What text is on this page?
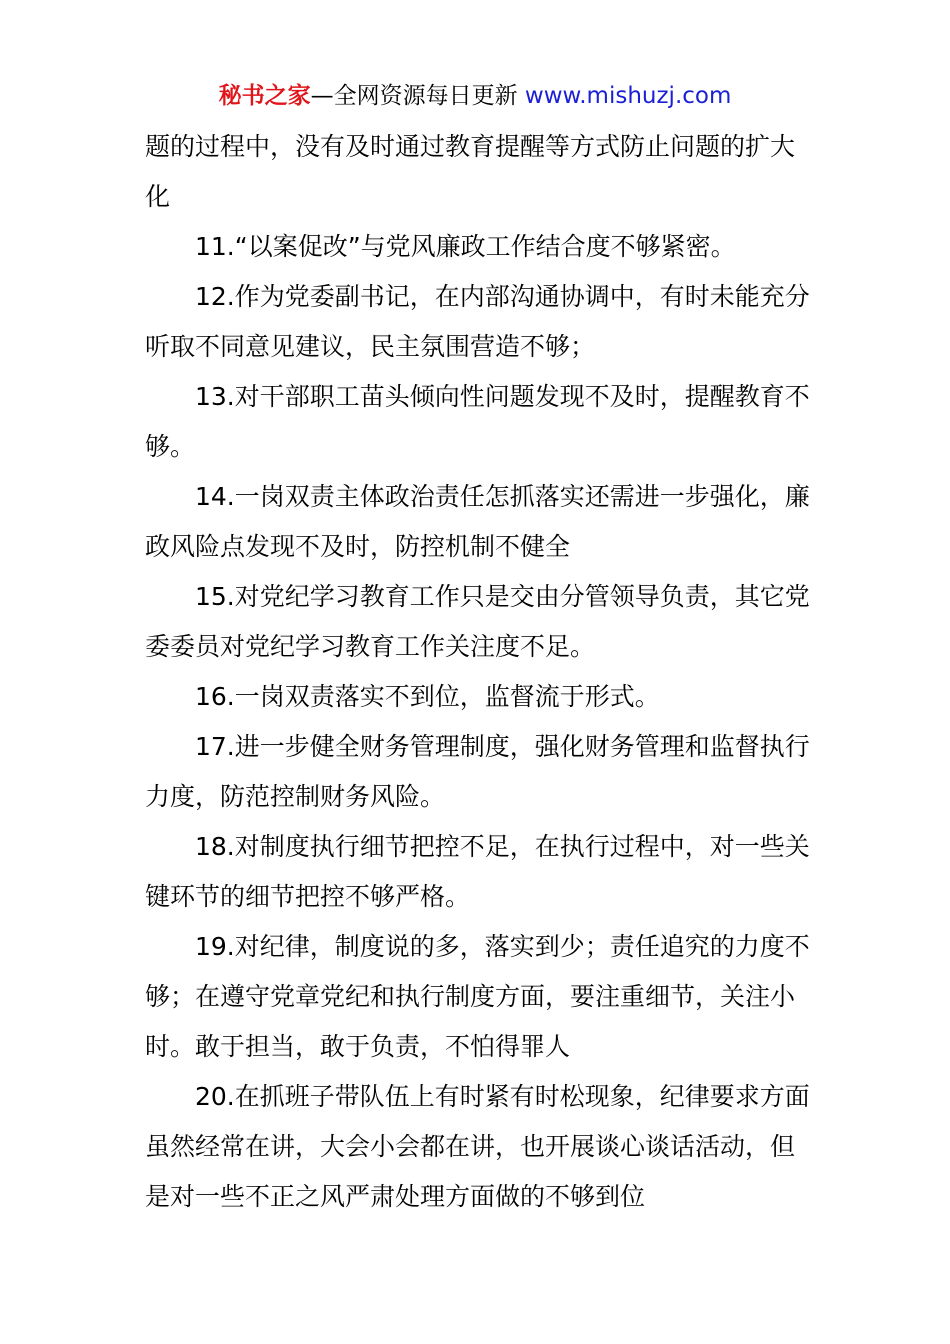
秘书之家—全网资源每日更新 www.mishuzj.com

题的过程中，没有及时通过教育提醒等方式防止问题的扩大化

11.“以案促改”与党风廉政工作结合度不够紧密。

12.作为党委副书记，在内部沟通协调中，有时未能充分听取不同意见建议，民主氛围营造不够；

13.对干部职工苗头倾向性问题发现不及时，提醒教育不够。

14.一岗双责主体政治责任怎抓落实还需进一步强化，廉政风险点发现不及时，防控机制不健全

15.对党纪学习教育工作只是交由分管领导负责，其它党委委员对党纪学习教育工作关注度不足。

16.一岗双责落实不到位，监督流于形式。

17.进一步健全财务管理制度，强化财务管理和监督执行力度，防范控制财务风险。

18.对制度执行细节把控不足，在执行过程中，对一些关键环节的细节把控不够严格。

19.对纪律，制度说的多，落实到少；责任追究的力度不够；在遵守党章党纪和执行制度方面，要注重细节，关注小时。敢于担当，敢于负责，不怕得罪人

20.在抓班子带队伍上有时紧有时松现象，纪律要求方面虽然经常在讲，大会小会都在讲，也开展谈心谈话活动，但是对一些不正之风严肃处理方面做的不够到位
